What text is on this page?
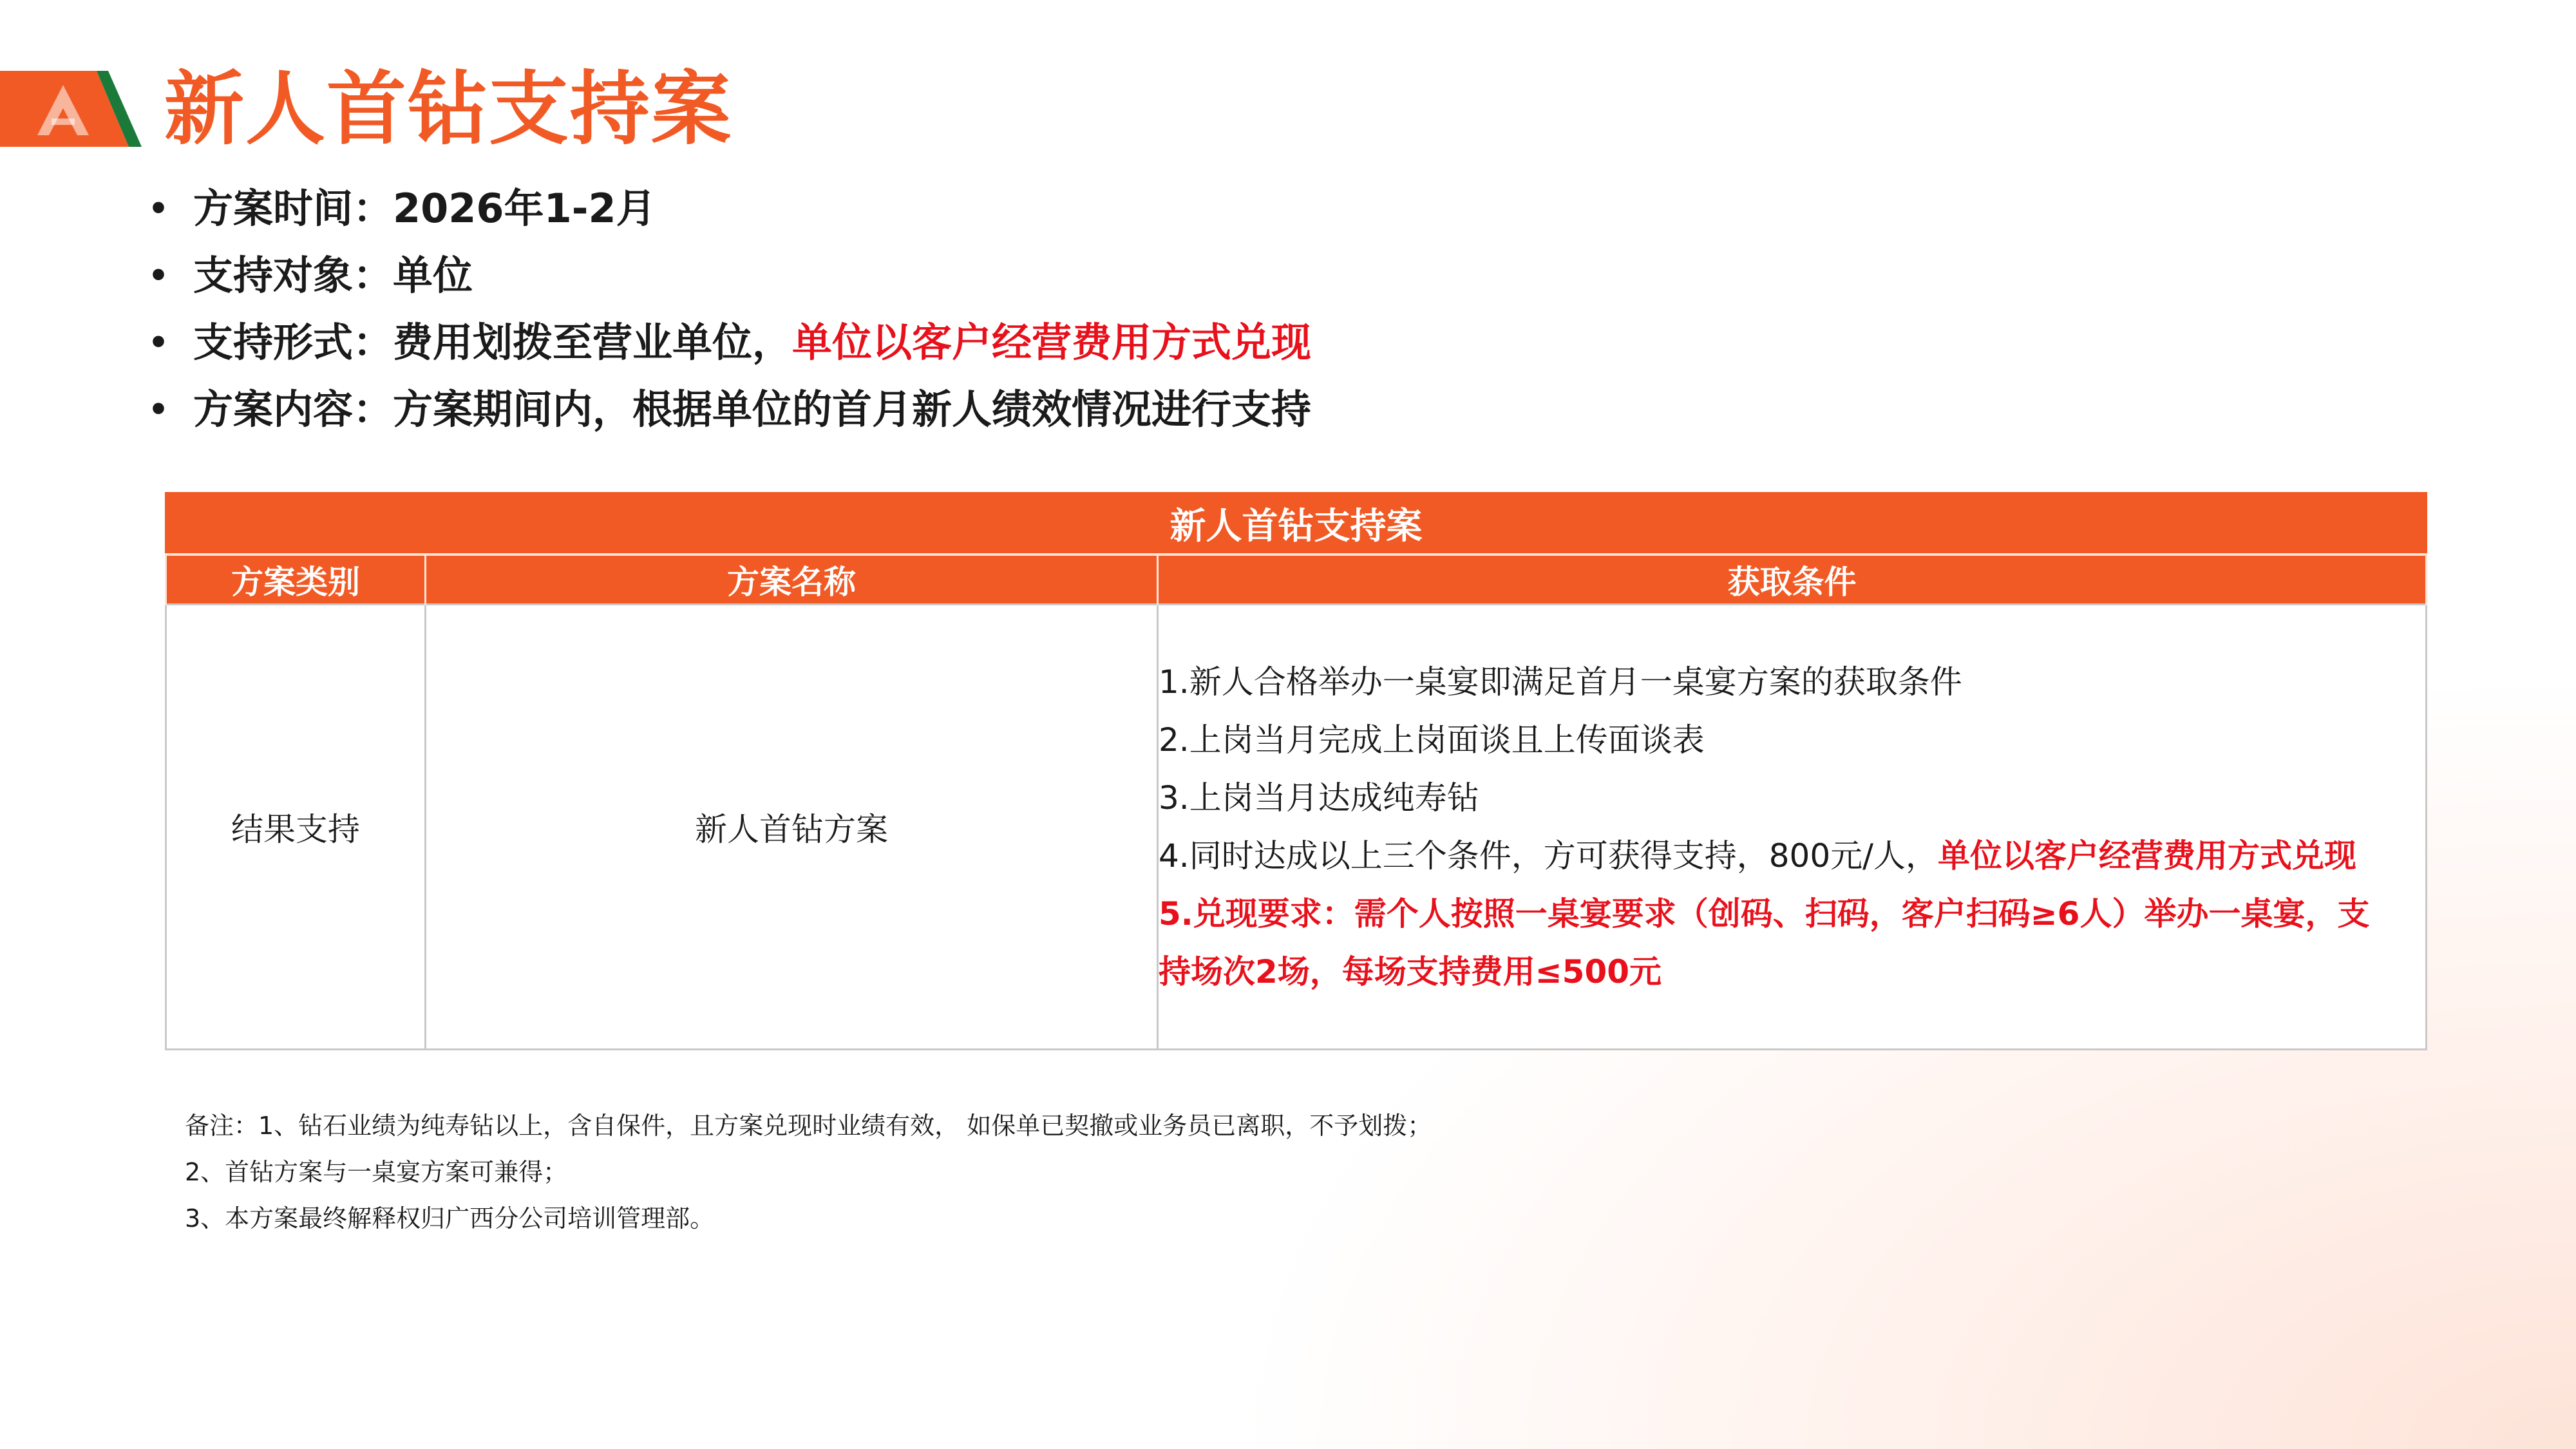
新人首钻支持案
• 方案时间：2026年1-2月
• 支持对象：单位
• 支持形式：费用划拨至营业单位，单位以客户经营费用方式兑现
• 方案内容：方案期间内，根据单位的首月新人绩效情况进行支持
新人首钻支持案		
方案类别	方案名称	获取条件
结果支持	新人首钻方案	1.新人合格举办一桌宴即满足首月一桌宴方案的获取条件
2.上岗当月完成上岗面谈且上传面谈表
3.上岗当月达成纯寿钻
4.同时达成以上三个条件，方可获得支持，800元/人，单位以客户经营费用方式兑现
5.兑现要求：需个人按照一桌宴要求（创码、扫码，客户扫码≥6人）举办一桌宴，支持场次2场，每场支持费用≤500元
备注：1、钻石业绩为纯寿钻以上，含自保件，且方案兑现时业绩有效， 如保单已契撤或业务员已离职，不予划拨；
2、首钻方案与一桌宴方案可兼得；
3、本方案最终解释权归广西分公司培训管理部。
